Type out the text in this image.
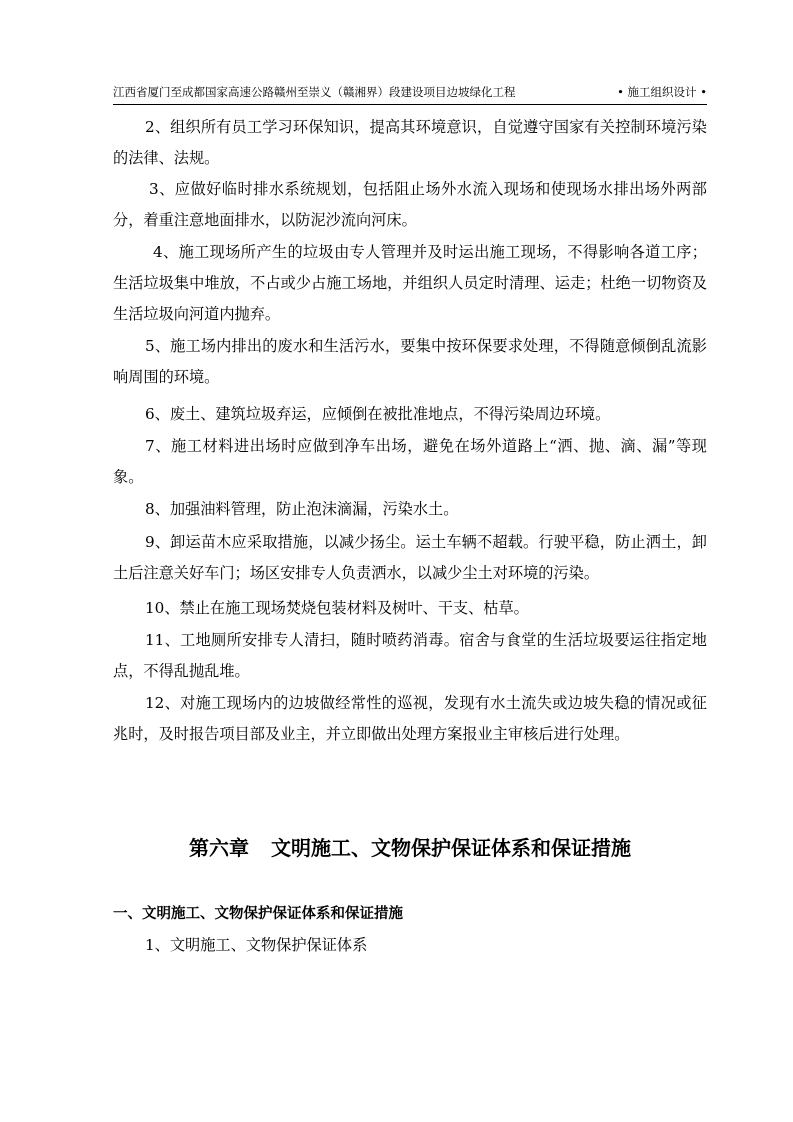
江西省厦门至成都国家高速公路赣州至崇义（赣湘界）段建设项目边坡绿化工程	• 施工组织设计 •

2、组织所有员工学习环保知识，提高其环境意识，自觉遵守国家有关控制环境污染的法律、法规。

3、应做好临时排水系统规划，包括阻止场外水流入现场和使现场水排出场外两部分，着重注意地面排水，以防泥沙流向河床。

4、施工现场所产生的垃圾由专人管理并及时运出施工现场，不得影响各道工序；生活垃圾集中堆放，不占或少占施工场地，并组织人员定时清理、运走；杜绝一切物资及生活垃圾向河道内抛弃。

5、施工场内排出的废水和生活污水，要集中按环保要求处理，不得随意倾倒乱流影响周围的环境。

6、废土、建筑垃圾弃运，应倾倒在被批准地点，不得污染周边环境。

7、施工材料进出场时应做到净车出场，避免在场外道路上“洒、抛、滴、漏”等现象。

8、加强油料管理，防止泡沫滴漏，污染水土。

9、卸运苗木应采取措施，以减少扬尘。运土车辆不超载。行驶平稳，防止洒土，卸土后注意关好车门；场区安排专人负责洒水，以减少尘土对环境的污染。

10、禁止在施工现场焚烧包装材料及树叶、干支、枯草。

11、工地厕所安排专人清扫，随时喷药消毒。宿舍与食堂的生活垃圾要运往指定地点，不得乱抛乱堆。

12、对施工现场内的边坡做经常性的巡视，发现有水土流失或边坡失稳的情况或征兆时，及时报告项目部及业主，并立即做出处理方案报业主审核后进行处理。

第六章 文明施工、文物保护保证体系和保证措施
一、文明施工、文物保护保证体系和保证措施

1、文明施工、文物保护保证体系
